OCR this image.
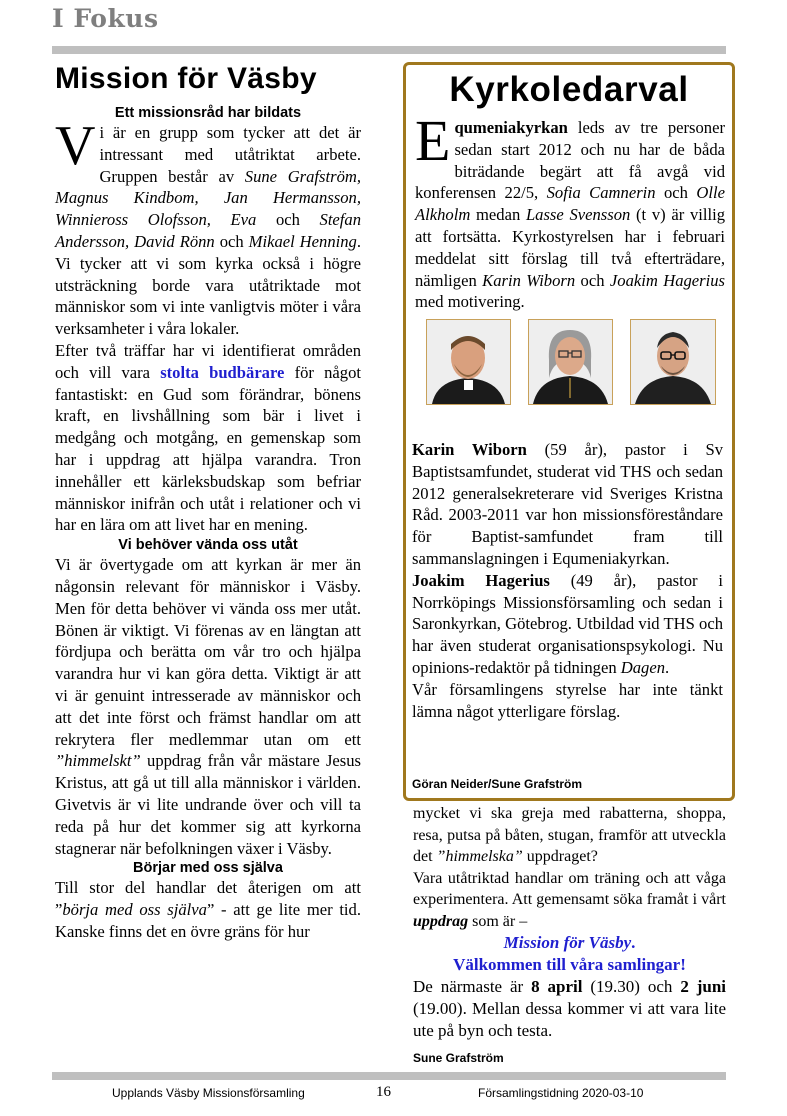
I Fokus
Mission för Väsby
Ett missionsråd har bildats

Vi är en grupp som tycker att det är intressant med utåtriktat arbete. Gruppen består av Sune Grafström, Magnus Kindbom, Jan Hermansson, Winnieross Olofsson, Eva och Stefan Andersson, David Rönn och Mikael Henning. Vi tycker att vi som kyrka också i högre utsträckning borde vara utåtriktade mot människor som vi inte vanligtvis möter i våra verksamheter i våra lokaler.

Efter två träffar har vi identifierat områden och vill vara stolta budbärare för något fantastiskt: en Gud som förändrar, bönens kraft, en livshållning som bär i livet i medgång och motgång, en gemenskap som har i uppdrag att hjälpa varandra. Tron innehåller ett kärleksbudskap som befriar människor inifrån och utåt i relationer och vi har en lära om att livet har en mening.

Vi behöver vända oss utåt

Vi är övertygade om att kyrkan är mer än någonsin relevant för människor i Väsby. Men för detta behöver vi vända oss mer utåt. Bönen är viktigt. Vi förenas av en längtan att fördjupa och berätta om vår tro och hjälpa varandra hur vi kan göra detta. Viktigt är att vi är genuint intresserade av människor och att det inte först och främst handlar om att rekrytera fler medlemmar utan om ett ”himmelskt” uppdrag från vår mästare Jesus Kristus, att gå ut till alla människor i världen. Givetvis är vi lite undrande över och vill ta reda på hur det kommer sig att kyrkorna stagnerar när befolkningen växer i Väsby.

Börjar med oss själva

Till stor del handlar det återigen om att ”börja med oss själva” - att ge lite mer tid. Kanske finns det en övre gräns för hur

Kyrkoledarval
Equmeniakyrkan leds av tre personer sedan start 2012 och nu har de båda biträdande begärt att få avgå vid konferensen 22/5, Sofia Camnerin och Olle Alkholm medan Lasse Svensson (t v) är villig att fortsätta. Kyrkostyrelsen har i februari meddelat sitt förslag till två efterträdare, nämligen Karin Wiborn och Joakim Hagerius med motivering.

Karin Wiborn (59 år), pastor i Sv Baptistsamfundet, studerat vid THS och sedan 2012 generalsekreterare vid Sveriges Kristna Råd. 2003-2011 var hon missionsföreståndare för Baptist-samfundet fram till sammanslagningen i Equmeniakyrkan.

Joakim Hagerius (49 år), pastor i Norrköpings Missionsförsamling och sedan i Saronkyrkan, Götebrog. Utbildad vid THS och har även studerat organisationspsykologi. Nu opinions-redaktör på tidningen Dagen.

Vår församlingens styrelse har inte tänkt lämna något ytterligare förslag.

Göran Neider/Sune Grafström

mycket vi ska greja med rabatterna, shoppa, resa, putsa på båten, stugan, framför att utveckla det ”himmelska” uppdraget?

Vara utåtriktad handlar om träning och att våga experimentera. Att gemensamt söka framåt i vårt uppdrag som är –

Mission för Väsby.
Välkommen till våra samlingar!

De närmaste är 8 april (19.30) och 2 juni (19.00). Mellan dessa kommer vi att vara lite ute på byn och testa.

Sune Grafström
Upplands Väsby Missionsförsamling	16	Församlingstidning 2020-03-10
